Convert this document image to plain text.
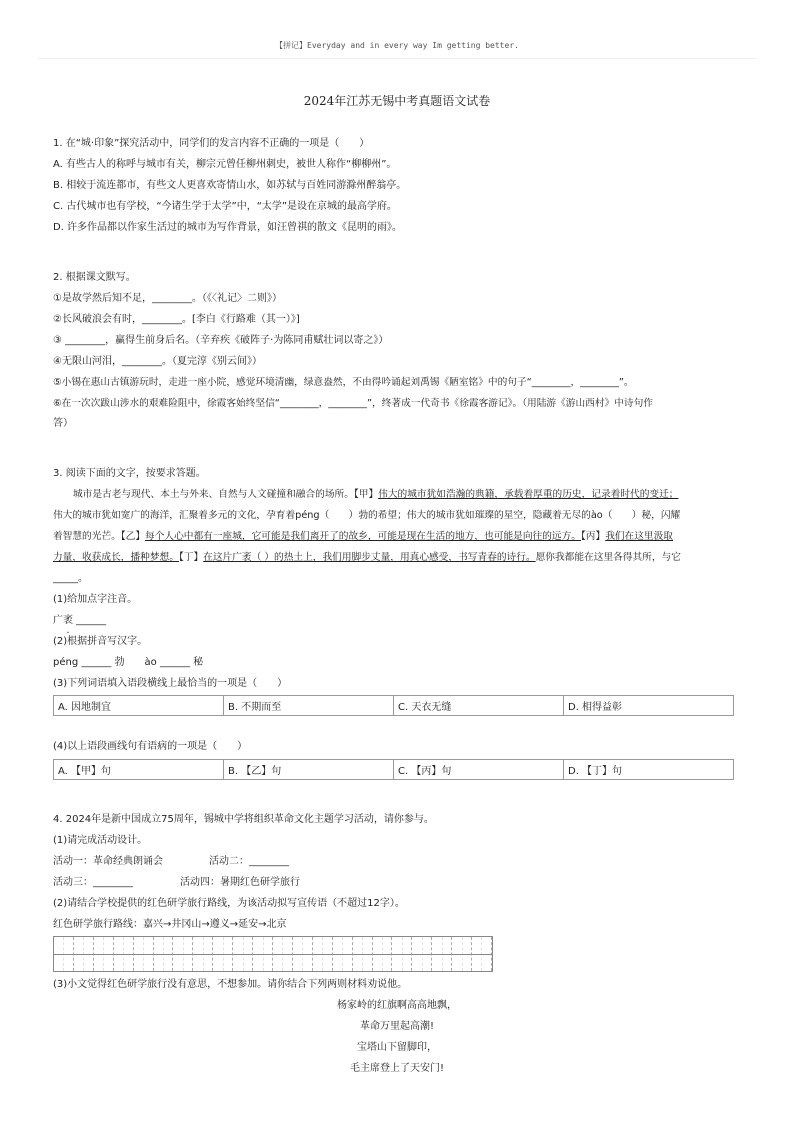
【拼记】Everyday and in every way Im getting better.
2024年江苏无锡中考真题语文试卷
1. 在“城·印象”探究活动中，同学们的发言内容不正确的一项是（　　）
A. 有些古人的称呼与城市有关，柳宗元曾任柳州刺史，被世人称作“柳柳州”。
B. 相较于流连都市，有些文人更喜欢寄情山水，如苏轼与百姓同游滁州醉翁亭。
C. 古代城市也有学校，“今诸生学于太学”中，“太学”是设在京城的最高学府。
D. 许多作品都以作家生活过的城市为写作背景，如汪曾祺的散文《昆明的雨》。
2. 根据课文默写。
①是故学然后知不足，________。（《〈礼记〉二则》）
②长风破浪会有时，________。[李白《行路难（其一）》]
③ ________，赢得生前身后名。（辛弃疾《破阵子·为陈同甫赋壮词以寄之》）
④无限山河泪，________。（夏完淳《别云间》）
⑤小锡在惠山古镇游玩时，走进一座小院，感觉环境清幽，绿意盎然，不由得吟诵起刘禹锡《陋室铭》中的句子“________，________”。
⑥在一次次跋山涉水的艰难险阻中，徐霞客始终坚信“________，________”，终著成一代奇书《徐霞客游记》。（用陆游《游山西村》中诗句作
答）
3. 阅读下面的文字，按要求答题。
城市是古老与现代、本土与外来、自然与人文碰撞和融合的场所。【甲】伟大的城市犹如浩瀚的典籍，承载着厚重的历史，记录着时代的变迁；
伟大的城市犹如宽广的海洋，汇聚着多元的文化，孕育着péng（　　）勃的希望；伟大的城市犹如璀璨的星空，隐藏着无尽的ào（　　）秘，闪耀
着智慧的光芒。【乙】每个人心中都有一座城，它可能是我们离开了的故乡，可能是现在生活的地方，也可能是向往的远方。【丙】我们在这里汲取
力量，收获成长，播种梦想。【丁】在这片广袤（ ）的热土上，我们用脚步丈量，用真心感受，书写青春的诗行。愿你我都能在这里各得其所，与它
_____。
(1)给加点字注音。
广袤 ______
(2)根据拼音写汉字。
péng ______ 勃　　ào ______ 秘
(3)下列词语填入语段横线上最恰当的一项是（　　）
A. 因地制宜	B. 不期而至	C. 天衣无缝	D. 相得益彰
(4)以上语段画线句有语病的一项是（　　）
A. 【甲】句	B. 【乙】句	C. 【丙】句	D. 【丁】句
4. 2024年是新中国成立75周年，锡城中学将组织革命文化主题学习活动，请你参与。
(1)请完成活动设计。
活动一：革命经典朗诵会	活动二：________
活动三：________	活动四：暑期红色研学旅行
(2)请结合学校提供的红色研学旅行路线，为该活动拟写宣传语（不超过12字）。
红色研学旅行路线：嘉兴→井冈山→遵义→延安→北京
(3)小文觉得红色研学旅行没有意思，不想参加。请你结合下列两则材料劝说他。
杨家岭的红旗啊高高地飘，
革命万里起高潮!
宝塔山下留脚印，
毛主席登上了天安门!
